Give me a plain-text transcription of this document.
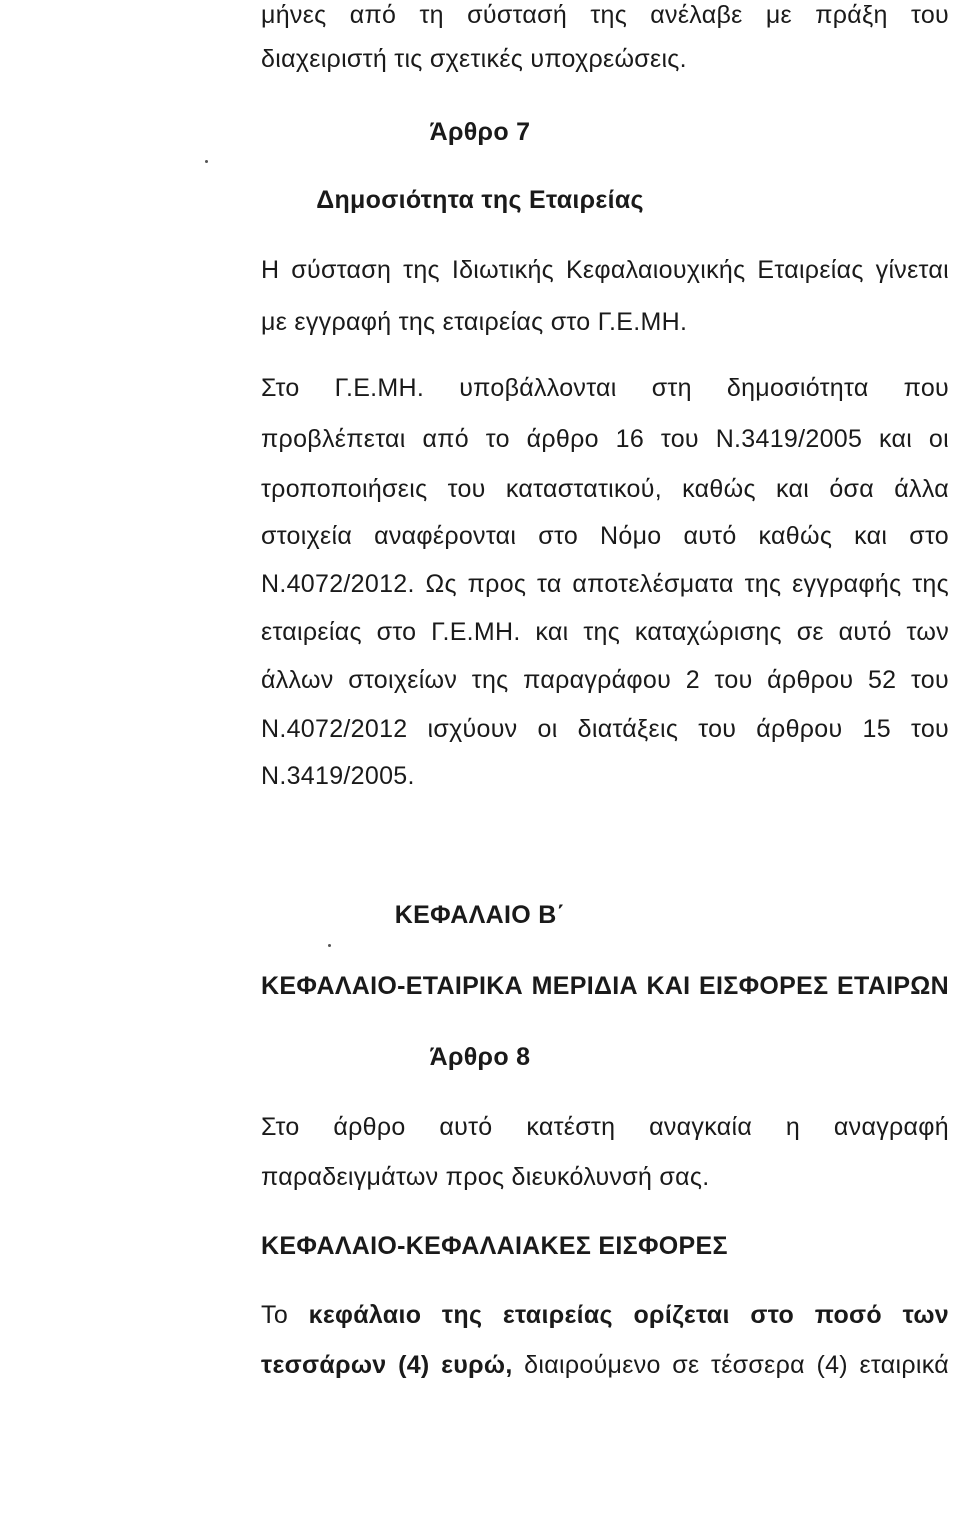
μήνες από τη σύστασή της ανέλαβε με πράξη του
διαχειριστή τις σχετικές υποχρεώσεις.
Άρθρο 7
Δημοσιότητα της Εταιρείας
Η σύσταση της Ιδιωτικής Κεφαλαιουχικής Εταιρείας γίνεται
με εγγραφή της εταιρείας στο Γ.Ε.ΜΗ.
Στο Γ.Ε.ΜΗ. υποβάλλονται στη δημοσιότητα που
προβλέπεται από το άρθρο 16 του Ν.3419/2005 και οι
τροποποιήσεις του καταστατικού, καθώς και όσα άλλα
στοιχεία αναφέρονται στο Νόμο αυτό καθώς και στο
Ν.4072/2012. Ως προς τα αποτελέσματα της εγγραφής της
εταιρείας στο Γ.Ε.ΜΗ. και της καταχώρισης σε αυτό των
άλλων στοιχείων της παραγράφου 2 του άρθρου 52 του
Ν.4072/2012 ισχύουν οι διατάξεις του άρθρου 15 του
Ν.3419/2005.
ΚΕΦΑΛΑΙΟ Β΄
ΚΕΦΑΛΑΙΟ-ΕΤΑΙΡΙΚΑ ΜΕΡΙΔΙΑ ΚΑΙ ΕΙΣΦΟΡΕΣ ΕΤΑΙΡΩΝ
Άρθρο 8
Στο άρθρο αυτό κατέστη αναγκαία η αναγραφή
παραδειγμάτων προς διευκόλυνσή σας.
ΚΕΦΑΛΑΙΟ-ΚΕΦΑΛΑΙΑΚΕΣ ΕΙΣΦΟΡΕΣ
Το κεφάλαιο της εταιρείας ορίζεται στο ποσό των
τεσσάρων (4) ευρώ, διαιρούμενο σε τέσσερα (4) εταιρικά
